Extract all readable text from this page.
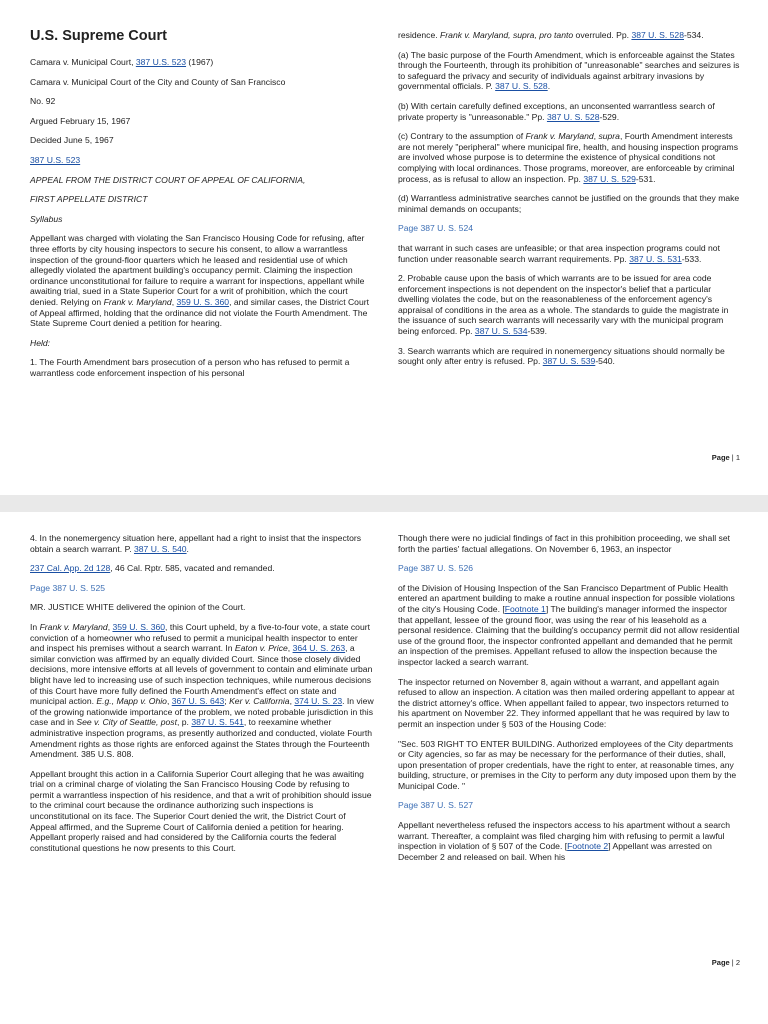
U.S. Supreme Court

Camara v. Municipal Court, 387 U.S. 523 (1967)

Camara v. Municipal Court of the City and County of San Francisco

No. 92

Argued February 15, 1967

Decided June 5, 1967

387 U.S. 523

APPEAL FROM THE DISTRICT COURT OF APPEAL OF CALIFORNIA,

FIRST APPELLATE DISTRICT

Syllabus

Appellant was charged with violating the San Francisco Housing Code for refusing, after three efforts by city housing inspectors to secure his consent, to allow a warrantless inspection of the ground-floor quarters which he leased and residential use of which allegedly violated the apartment building's occupancy permit. Claiming the inspection ordinance unconstitutional for failure to require a warrant for inspections, appellant while awaiting trial, sued in a State Superior Court for a writ of prohibition, which the court denied. Relying on Frank v. Maryland, 359 U. S. 360, and similar cases, the District Court of Appeal affirmed, holding that the ordinance did not violate the Fourth Amendment. The State Supreme Court denied a petition for hearing.

Held:

1. The Fourth Amendment bars prosecution of a person who has refused to permit a warrantless code enforcement inspection of his personal

residence. Frank v. Maryland, supra, pro tanto overruled. Pp. 387 U. S. 528-534.

(a) The basic purpose of the Fourth Amendment, which is enforceable against the States through the Fourteenth, through its prohibition of "unreasonable" searches and seizures is to safeguard the privacy and security of individuals against arbitrary invasions by governmental officials. P. 387 U. S. 528.

(b) With certain carefully defined exceptions, an unconsented warrantless search of private property is "unreasonable." Pp. 387 U. S. 528-529.

(c) Contrary to the assumption of Frank v. Maryland, supra, Fourth Amendment interests are not merely "peripheral" where municipal fire, health, and housing inspection programs are involved whose purpose is to determine the existence of physical conditions not complying with local ordinances. Those programs, moreover, are enforceable by criminal process, as is refusal to allow an inspection. Pp. 387 U. S. 529-531.

(d) Warrantless administrative searches cannot be justified on the grounds that they make minimal demands on occupants;

Page 387 U. S. 524

that warrant in such cases are unfeasible; or that area inspection programs could not function under reasonable search warrant requirements. Pp. 387 U. S. 531-533.

2. Probable cause upon the basis of which warrants are to be issued for area code enforcement inspections is not dependent on the inspector's belief that a particular dwelling violates the code, but on the reasonableness of the enforcement agency's appraisal of conditions in the area as a whole. The standards to guide the magistrate in the issuance of such search warrants will necessarily vary with the municipal program being enforced. Pp. 387 U. S. 534-539.

3. Search warrants which are required in nonemergency situations should normally be sought only after entry is refused. Pp. 387 U. S. 539-540.

Page | 1

4. In the nonemergency situation here, appellant had a right to insist that the inspectors obtain a search warrant. P. 387 U. S. 540.

237 Cal. App. 2d 128, 46 Cal. Rptr. 585, vacated and remanded.

Page 387 U. S. 525

MR. JUSTICE WHITE delivered the opinion of the Court.

In Frank v. Maryland, 359 U. S. 360, this Court upheld, by a five-to-four vote, a state court conviction of a homeowner who refused to permit a municipal health inspector to enter and inspect his premises without a search warrant. In Eaton v. Price, 364 U. S. 263, a similar conviction was affirmed by an equally divided Court. Since those closely divided decisions, more intensive efforts at all levels of government to contain and eliminate urban blight have led to increasing use of such inspection techniques, while numerous decisions of this Court have more fully defined the Fourth Amendment's effect on state and municipal action. E.g., Mapp v. Ohio, 367 U. S. 643; Ker v. California, 374 U. S. 23. In view of the growing nationwide importance of the problem, we noted probable jurisdiction in this case and in See v. City of Seattle, post, p. 387 U. S. 541, to reexamine whether administrative inspection programs, as presently authorized and conducted, violate Fourth Amendment rights as those rights are enforced against the States through the Fourteenth Amendment. 385 U.S. 808.

Appellant brought this action in a California Superior Court alleging that he was awaiting trial on a criminal charge of violating the San Francisco Housing Code by refusing to permit a warrantless inspection of his residence, and that a writ of prohibition should issue to the criminal court because the ordinance authorizing such inspections is unconstitutional on its face. The Superior Court denied the writ, the District Court of Appeal affirmed, and the Supreme Court of California denied a petition for hearing. Appellant properly raised and had considered by the California courts the federal constitutional questions he now presents to this Court.

Though there were no judicial findings of fact in this prohibition proceeding, we shall set forth the parties' factual allegations. On November 6, 1963, an inspector

Page 387 U. S. 526

of the Division of Housing Inspection of the San Francisco Department of Public Health entered an apartment building to make a routine annual inspection for possible violations of the city's Housing Code. [Footnote 1] The building's manager informed the inspector that appellant, lessee of the ground floor, was using the rear of his leasehold as a personal residence. Claiming that the building's occupancy permit did not allow residential use of the ground floor, the inspector confronted appellant and demanded that he permit an inspection of the premises. Appellant refused to allow the inspection because the inspector lacked a search warrant.

The inspector returned on November 8, again without a warrant, and appellant again refused to allow an inspection. A citation was then mailed ordering appellant to appear at the district attorney's office. When appellant failed to appear, two inspectors returned to his apartment on November 22. They informed appellant that he was required by law to permit an inspection under § 503 of the Housing Code:

"Sec. 503 RIGHT TO ENTER BUILDING. Authorized employees of the City departments or City agencies, so far as may be necessary for the performance of their duties, shall, upon presentation of proper credentials, have the right to enter, at reasonable times, any building, structure, or premises in the City to perform any duty imposed upon them by the Municipal Code. "

Page 387 U. S. 527

Appellant nevertheless refused the inspectors access to his apartment without a search warrant. Thereafter, a complaint was filed charging him with refusing to permit a lawful inspection in violation of § 507 of the Code. [Footnote 2] Appellant was arrested on December 2 and released on bail. When his

Page | 2
